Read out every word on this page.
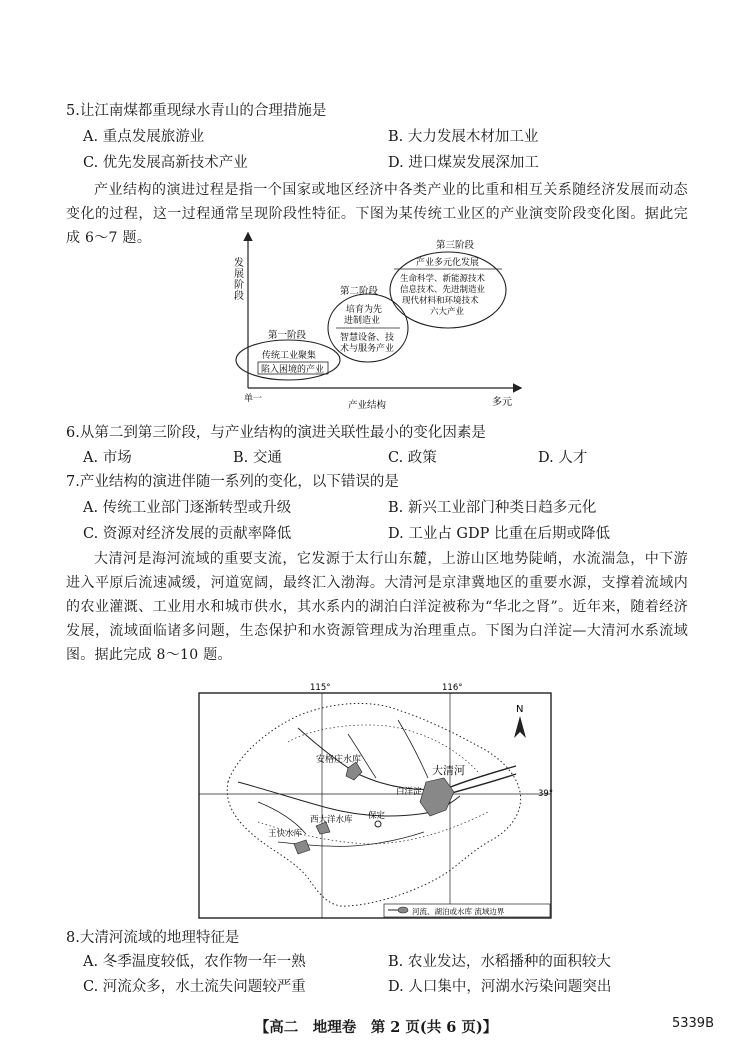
5.让江南煤都重现绿水青山的合理措施是
A. 重点发展旅游业	B. 大力发展木材加工业
C. 优先发展高新技术产业	D. 进口煤炭发展深加工
产业结构的演进过程是指一个国家或地区经济中各类产业的比重和相互关系随经济发展而动态变化的过程，这一过程通常呈现阶段性特征。下图为某传统工业区的产业演变阶段变化图。据此完成 6～7 题。
发 展 阶 段
单一
产业结构	多元
第一阶段
传统工业聚集
陷入困境的产业
第二阶段
培育为先
进制造业
智慧设备、技
术与服务产业
第三阶段
产业多元化发展
生命科学、新能源技术
信息技术、先进制造业
现代材料和环境技术
六大产业
6.从第二到第三阶段，与产业结构的演进关联性最小的变化因素是
A. 市场	B. 交通	C. 政策	D. 人才
7.产业结构的演进伴随一系列的变化，以下错误的是
A. 传统工业部门逐渐转型或升级	B. 新兴工业部门种类日趋多元化
C. 资源对经济发展的贡献率降低	D. 工业占 GDP 比重在后期或降低
大清河是海河流域的重要支流，它发源于太行山东麓，上游山区地势陡峭，水流湍急，中下游进入平原后流速减缓，河道宽阔，最终汇入渤海。大清河是京津冀地区的重要水源，支撑着流域内的农业灌溉、工业用水和城市供水，其水系内的湖泊白洋淀被称为“华北之肾”。近年来，随着经济发展，流域面临诸多问题，生态保护和水资源管理成为治理重点。下图为白洋淀—大清河水系流域图。据此完成 8～10 题。
115°	116°
39°
N
安格庄水库
大清河
白洋淀
王快水库
西大洋水库 保定
河流、湖泊或水库 流域边界
8.大清河流域的地理特征是
A. 冬季温度较低，农作物一年一熟	B. 农业发达，水稻播种的面积较大
C. 河流众多，水土流失问题较严重	D. 人口集中，河湖水污染问题突出
【高二　地理卷　第 2 页(共 6 页)】	5339B
